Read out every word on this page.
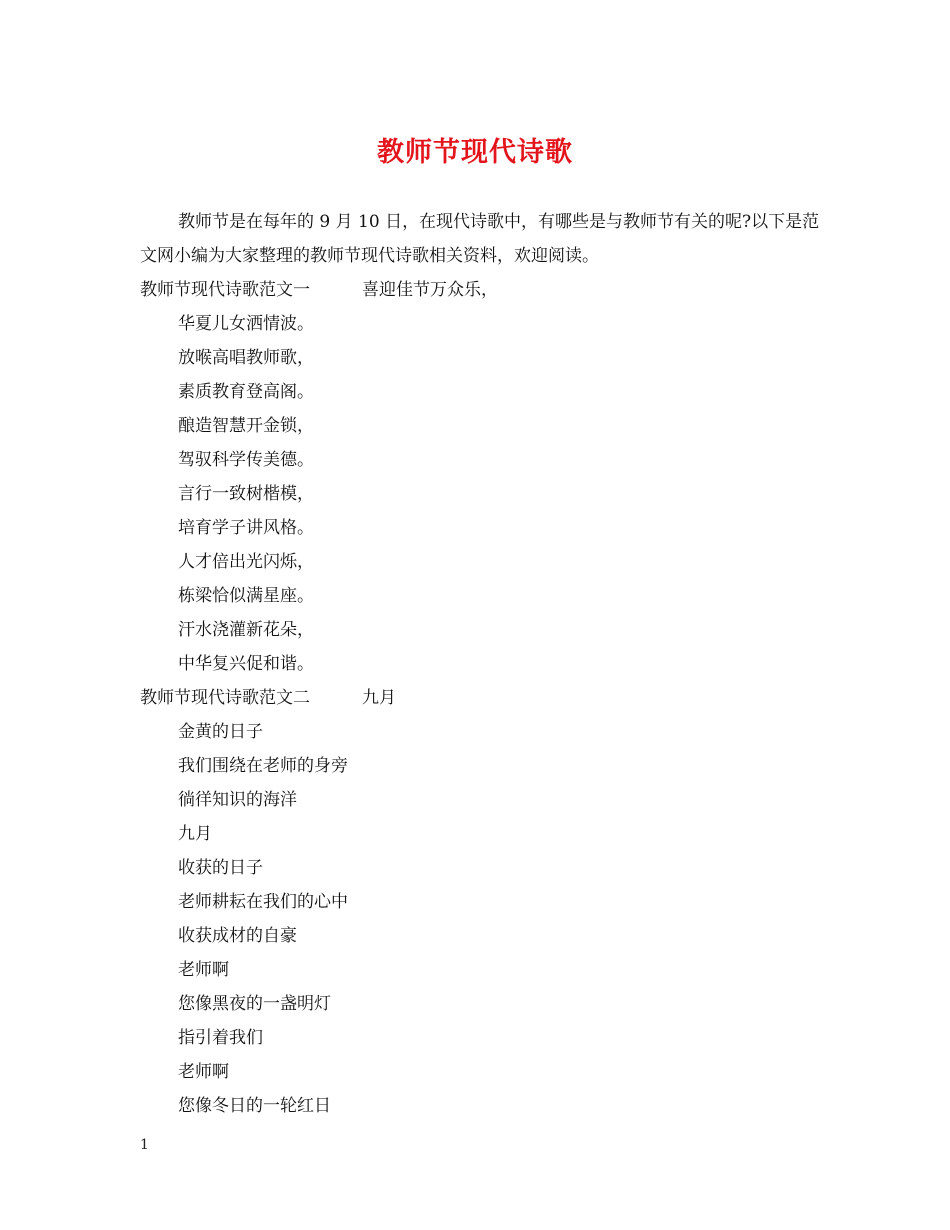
教师节现代诗歌

教师节是在每年的 9 月 10 日，在现代诗歌中，有哪些是与教师节有关的呢?以下是范文网小编为大家整理的教师节现代诗歌相关资料，欢迎阅读。

教师节现代诗歌范文一	喜迎佳节万众乐，
华夏儿女洒情波。
放喉高唱教师歌，
素质教育登高阁。
酿造智慧开金锁，
驾驭科学传美德。
言行一致树楷模，
培育学子讲风格。
人才倍出光闪烁，
栋梁恰似满星座。
汗水浇灌新花朵，
中华复兴促和谐。
教师节现代诗歌范文二	九月
金黄的日子
我们围绕在老师的身旁
徜徉知识的海洋
九月
收获的日子
老师耕耘在我们的心中
收获成材的自豪
老师啊
您像黑夜的一盏明灯
指引着我们
老师啊
您像冬日的一轮红日
1
